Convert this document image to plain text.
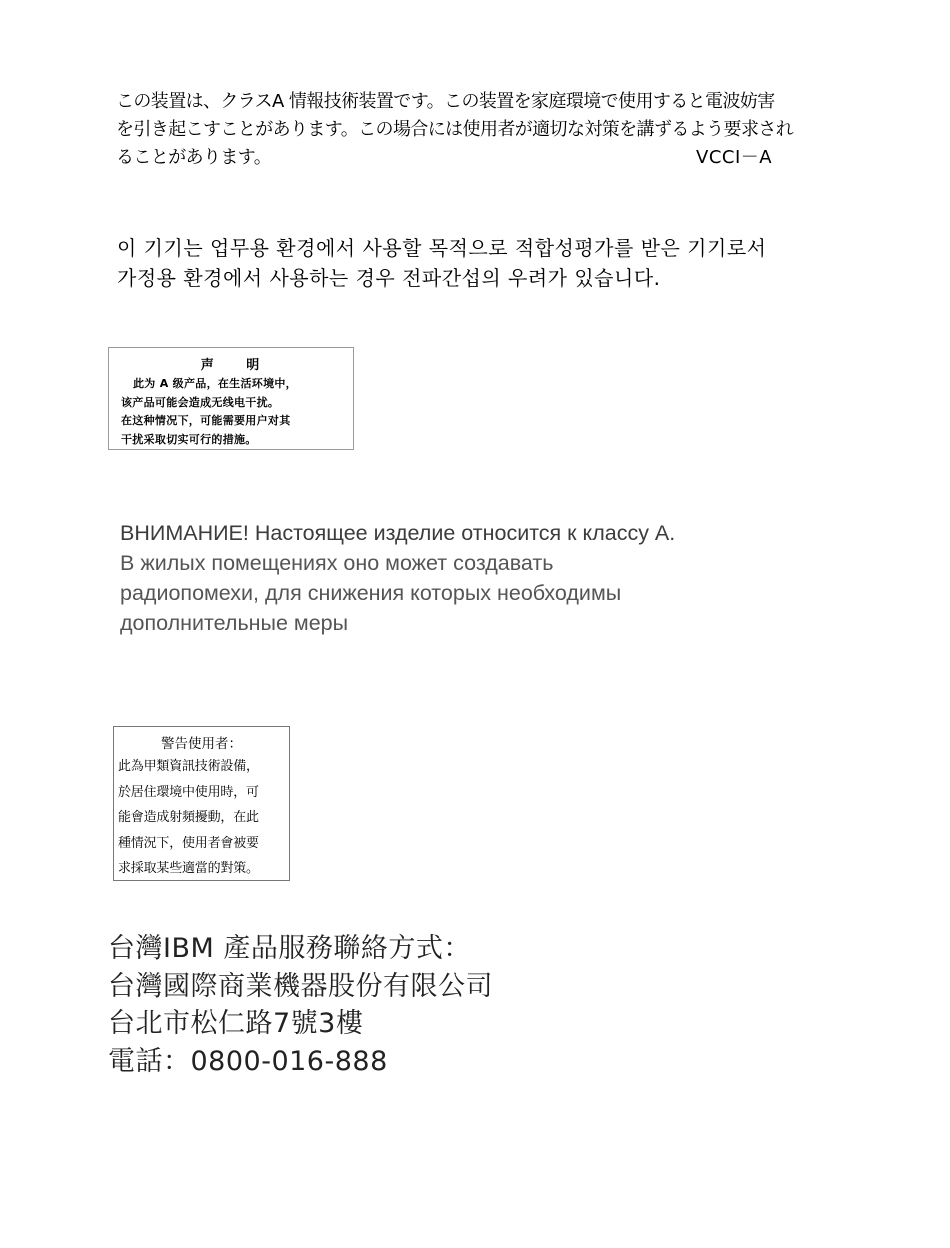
この装置は、クラスA 情報技術装置です。この装置を家庭環境で使用すると電波妨害
を引き起こすことがあります。この場合には使用者が適切な対策を講ずるよう要求され
ることがあります。	VCCI－A
이 기기는 업무용 환경에서 사용할 목적으로 적합성평가를 받은 기기로서
가정용 환경에서 사용하는 경우 전파간섭의 우려가 있습니다.
声 明
此为 A 级产品，在生活环境中，
该产品可能会造成无线电干扰。
在这种情况下，可能需要用户对其
干扰采取切实可行的措施。
ВНИМАНИЕ! Настоящее изделие относится к классу А.
В жилых помещениях оно может создавать
радиопомехи, для снижения которых необходимы
дополнительные меры
警告使用者：
此為甲類資訊技術設備，
於居住環境中使用時，可
能會造成射頻擾動，在此
種情況下，使用者會被要
求採取某些適當的對策。
台灣IBM 產品服務聯絡方式：
台灣國際商業機器股份有限公司
台北市松仁路7號3樓
電話：0800-016-888
